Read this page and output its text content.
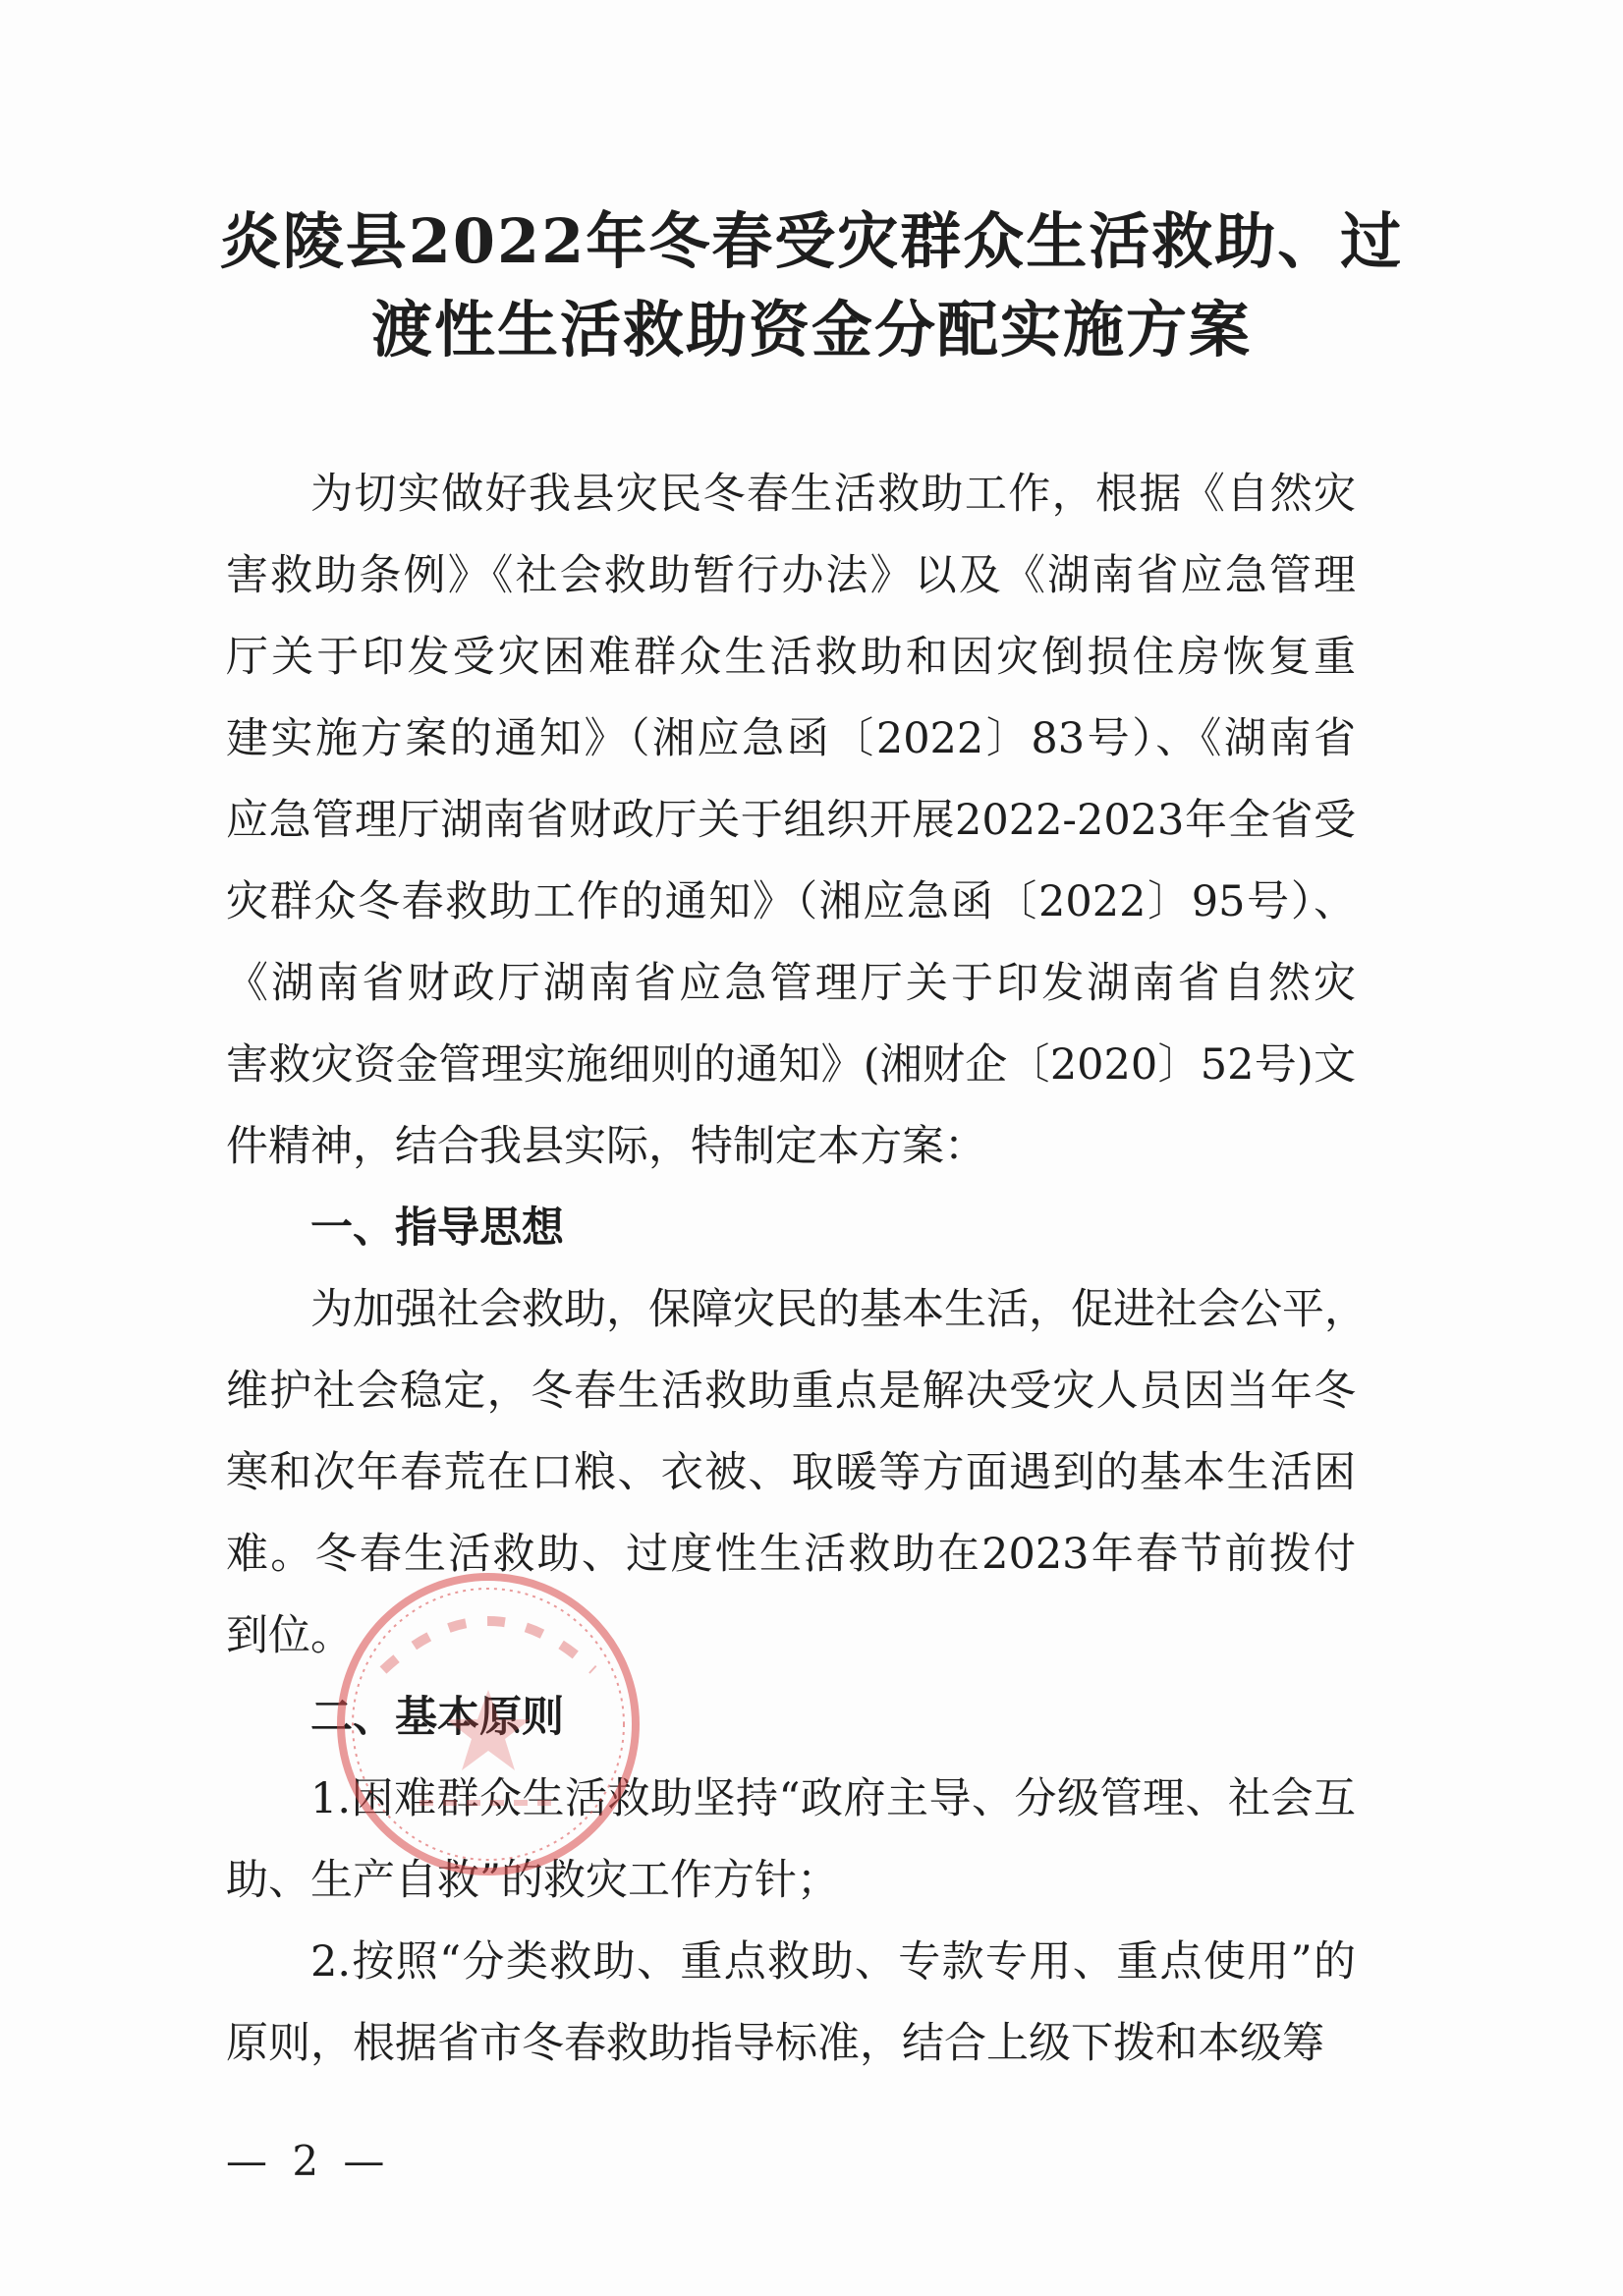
炎陵县2022年冬春受灾群众生活救助、过
渡性生活救助资金分配实施方案
为切实做好我县灾民冬春生活救助工作，根据《自然灾
害救助条例》《社会救助暂行办法》以及《湖南省应急管理
厅关于印发受灾困难群众生活救助和因灾倒损住房恢复重
建实施方案的通知》（湘应急函〔2022〕83号）、《湖南省
应急管理厅湖南省财政厅关于组织开展2022-2023年全省受
灾群众冬春救助工作的通知》（湘应急函〔2022〕95号）、
《湖南省财政厅湖南省应急管理厅关于印发湖南省自然灾
害救灾资金管理实施细则的通知》(湘财企〔2020〕52号)文
件精神，结合我县实际，特制定本方案：
一、指导思想
为加强社会救助，保障灾民的基本生活，促进社会公平，
维护社会稳定，冬春生活救助重点是解决受灾人员因当年冬
寒和次年春荒在口粮、衣被、取暖等方面遇到的基本生活困
难。冬春生活救助、过度性生活救助在2023年春节前拨付
到位。
二、基本原则
1.困难群众生活救助坚持“政府主导、分级管理、社会互
助、生产自救”的救灾工作方针；
2.按照“分类救助、重点救助、专款专用、重点使用”的
原则，根据省市冬春救助指导标准，结合上级下拨和本级筹
— 2 —
